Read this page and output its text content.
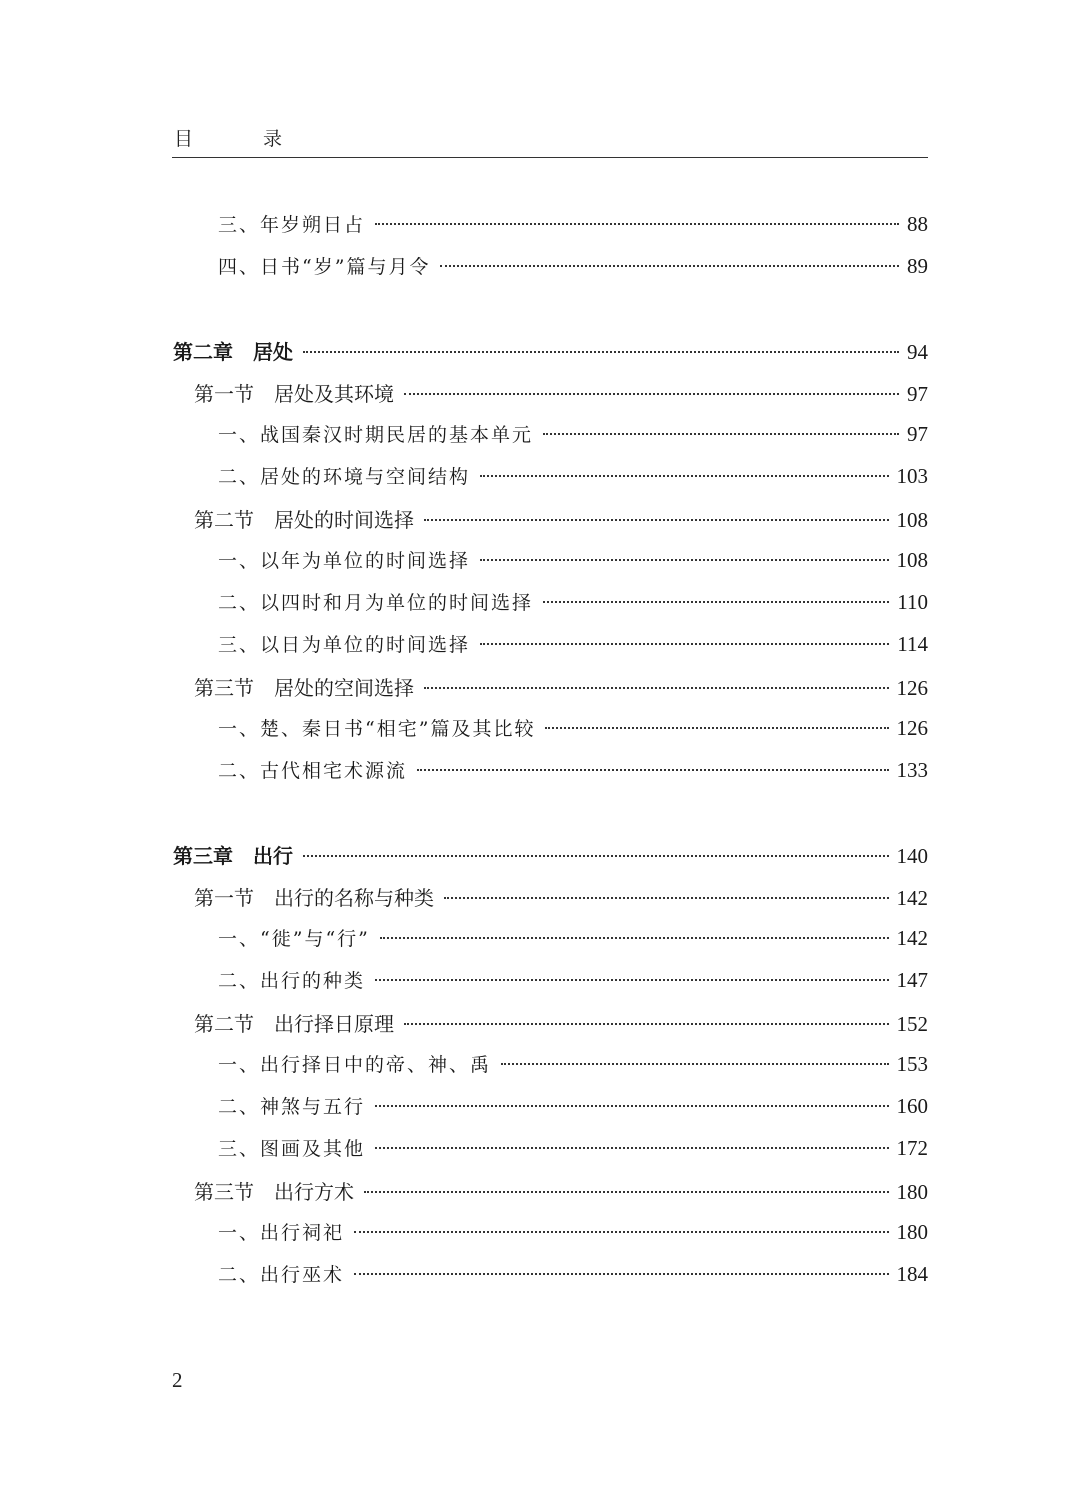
目 录
三、 年岁朔日占	88
四、 日书“岁”篇与月令	89
第二章 居处	94
第一节 居处及其环境	97
一、 战国秦汉时期民居的基本单元	97
二、 居处的环境与空间结构	103
第二节 居处的时间选择	108
一、 以年为单位的时间选择	108
二、 以四时和月为单位的时间选择	110
三、 以日为单位的时间选择	114
第三节 居处的空间选择	126
一、 楚、秦日书“相宅”篇及其比较	126
二、 古代相宅术源流	133
第三章 出行	140
第一节 出行的名称与种类	142
一、 “徙”与“行”	142
二、 出行的种类	147
第二节 出行择日原理	152
一、 出行择日中的帝、神、禹	153
二、 神煞与五行	160
三、 图画及其他	172
第三节 出行方术	180
一、 出行祠祀	180
二、 出行巫术	184
2
